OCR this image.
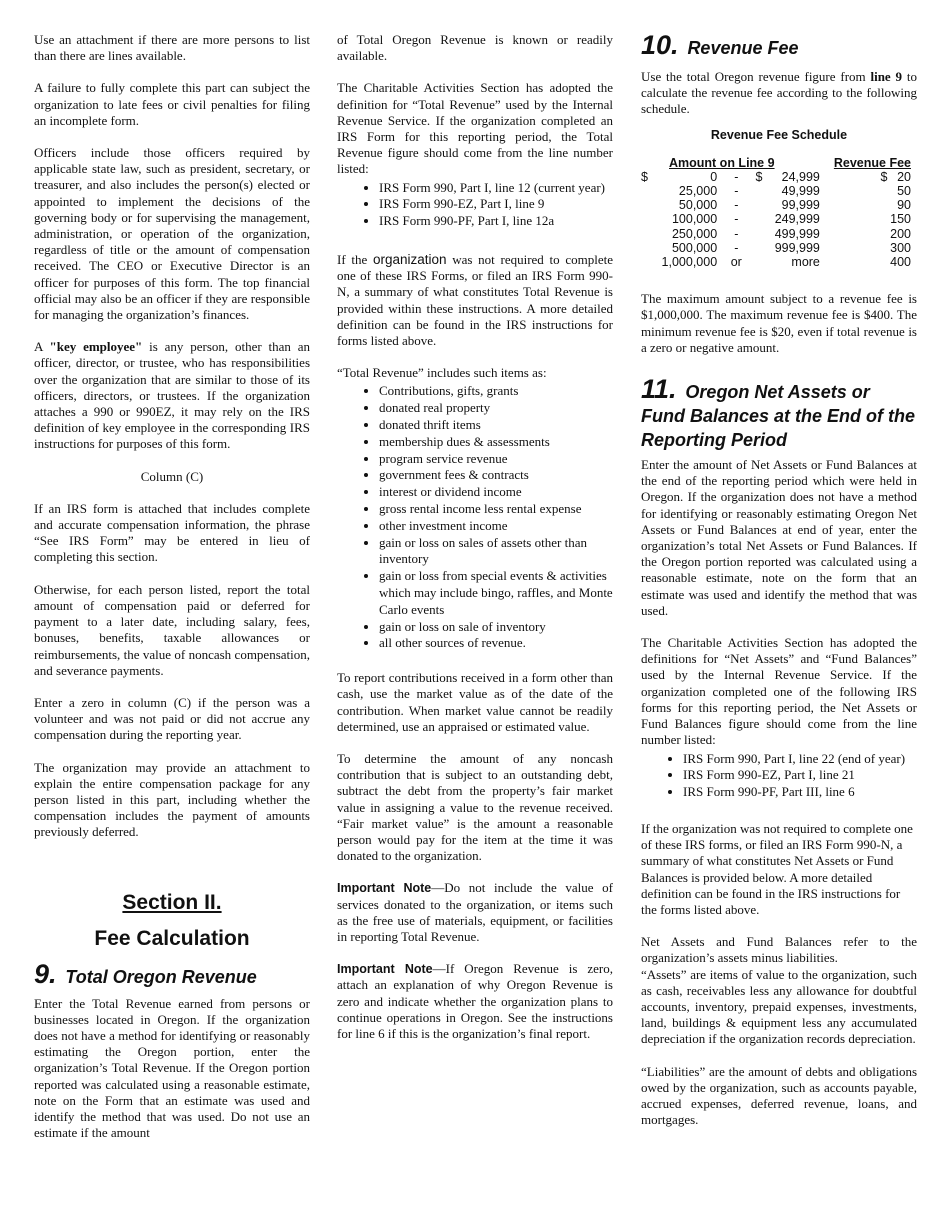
Use an attachment if there are more persons to list than there are lines available.

A failure to fully complete this part can subject the organization to late fees or civil penalties for filing an incomplete form.

Officers include those officers required by applicable state law, such as president, secretary, or treasurer, and also includes the person(s) elected or appointed to implement the decisions of the governing body or for supervising the management, administration, or operation of the organization, regardless of title or the amount of compensation received. The CEO or Executive Director is an officer for purposes of this form. The top financial official may also be an officer if they are responsible for managing the organization’s finances.

A "key employee" is any person, other than an officer, director, or trustee, who has responsibilities over the organization that are similar to those of its officers, directors, or trustees. If the organization attaches a 990 or 990EZ, it may rely on the IRS definition of key employee in the corresponding IRS instructions for purposes of this form.

Column (C)

If an IRS form is attached that includes complete and accurate compensation information, the phrase “See IRS Form” may be entered in lieu of completing this section.

Otherwise, for each person listed, report the total amount of compensation paid or deferred for payment to a later date, including salary, fees, bonuses, benefits, taxable allowances or reimbursements, the value of noncash compensation, and severance payments.

Enter a zero in column (C) if the person was a volunteer and was not paid or did not accrue any compensation during the reporting year.

The organization may provide an attachment to explain the entire compensation package for any person listed in this part, including whether the compensation includes the payment of amounts previously deferred.

Section II.
Fee Calculation
9. Total Oregon Revenue

Enter the Total Revenue earned from persons or businesses located in Oregon. If the organization does not have a method for identifying or reasonably estimating the Oregon portion, enter the organization’s Total Revenue. If the Oregon portion reported was calculated using a reasonable estimate, note on the Form that an estimate was used and identify the method that was used. Do not use an estimate if the amount

of Total Oregon Revenue is known or readily available.

The Charitable Activities Section has adopted the definition for “Total Revenue” used by the Internal Revenue Service. If the organization completed an IRS Form for this reporting period, the Total Revenue figure should come from the line number listed:

• IRS Form 990, Part I, line 12 (current year)
• IRS Form 990-EZ, Part I, line 9
• IRS Form 990-PF, Part I, line 12a

If the organization was not required to complete one of these IRS Forms, or filed an IRS Form 990-N, a summary of what constitutes Total Revenue is provided within these instructions. A more detailed definition can be found in the IRS instructions for forms listed above.

“Total Revenue” includes such items as:

• Contributions, gifts, grants
• donated real property
• donated thrift items
• membership dues & assessments
• program service revenue
• government fees & contracts
• interest or dividend income
• gross rental income less rental expense
• other investment income
• gain or loss on sales of assets other than inventory
• gain or loss from special events & activities which may include bingo, raffles, and Monte Carlo events
• gain or loss on sale of inventory
• all other sources of revenue.

To report contributions received in a form other than cash, use the market value as of the date of the contribution. When market value cannot be readily determined, use an appraised or estimated value.

To determine the amount of any noncash contribution that is subject to an outstanding debt, subtract the debt from the property’s fair market value in assigning a value to the revenue received. “Fair market value” is the amount a reasonable person would pay for the item at the time it was donated to the organization.

Important Note—Do not include the value of services donated to the organization, or items such as the free use of materials, equipment, or facilities in reporting Total Revenue.

Important Note—If Oregon Revenue is zero, attach an explanation of why Oregon Revenue is zero and indicate whether the organization plans to continue operations in Oregon. See the instructions for line 6 if this is the organization’s final report.

10. Revenue Fee

Use the total Oregon revenue figure from line 9 to calculate the revenue fee according to the following schedule.

Revenue Fee Schedule
Amount on Line 9					Revenue Fee	
$	0	-	$	24,999	$	20
	25,000	-		49,999		50
	50,000	-		99,999		90
	100,000	-		249,999		150
	250,000	-		499,999		200
	500,000	-		999,999		300
	1,000,000	or		more		400

The maximum amount subject to a revenue fee is $1,000,000. The maximum revenue fee is $400. The minimum revenue fee is $20, even if total revenue is a zero or negative amount.

11. Oregon Net Assets or Fund Balances at the End of the Reporting Period

Enter the amount of Net Assets or Fund Balances at the end of the reporting period which were held in Oregon. If the organization does not have a method for identifying or reasonably estimating Oregon Net Assets or Fund Balances at end of year, enter the organization’s total Net Assets or Fund Balances. If the Oregon portion reported was calculated using a reasonable estimate, note on the form that an estimate was used and identify the method that was used.

The Charitable Activities Section has adopted the definitions for “Net Assets” and “Fund Balances” used by the Internal Revenue Service. If the organization completed one of the following IRS forms for this reporting period, the Net Assets or Fund Balances figure should come from the line number listed:

• IRS Form 990, Part I, line 22 (end of year)
• IRS Form 990-EZ, Part I, line 21
• IRS Form 990-PF, Part III, line 6

If the organization was not required to complete one of these IRS forms, or filed an IRS Form 990-N, a summary of what constitutes Net Assets or Fund Balances is provided below. A more detailed definition can be found in the IRS instructions for the forms listed above.

Net Assets and Fund Balances refer to the organization’s assets minus liabilities.

“Assets” are items of value to the organization, such as cash, receivables less any allowance for doubtful accounts, inventory, prepaid expenses, investments, land, buildings & equipment less any accumulated depreciation if the organization records depreciation.

“Liabilities” are the amount of debts and obligations owed by the organization, such as accounts payable, accrued expenses, deferred revenue, loans, and mortgages.
